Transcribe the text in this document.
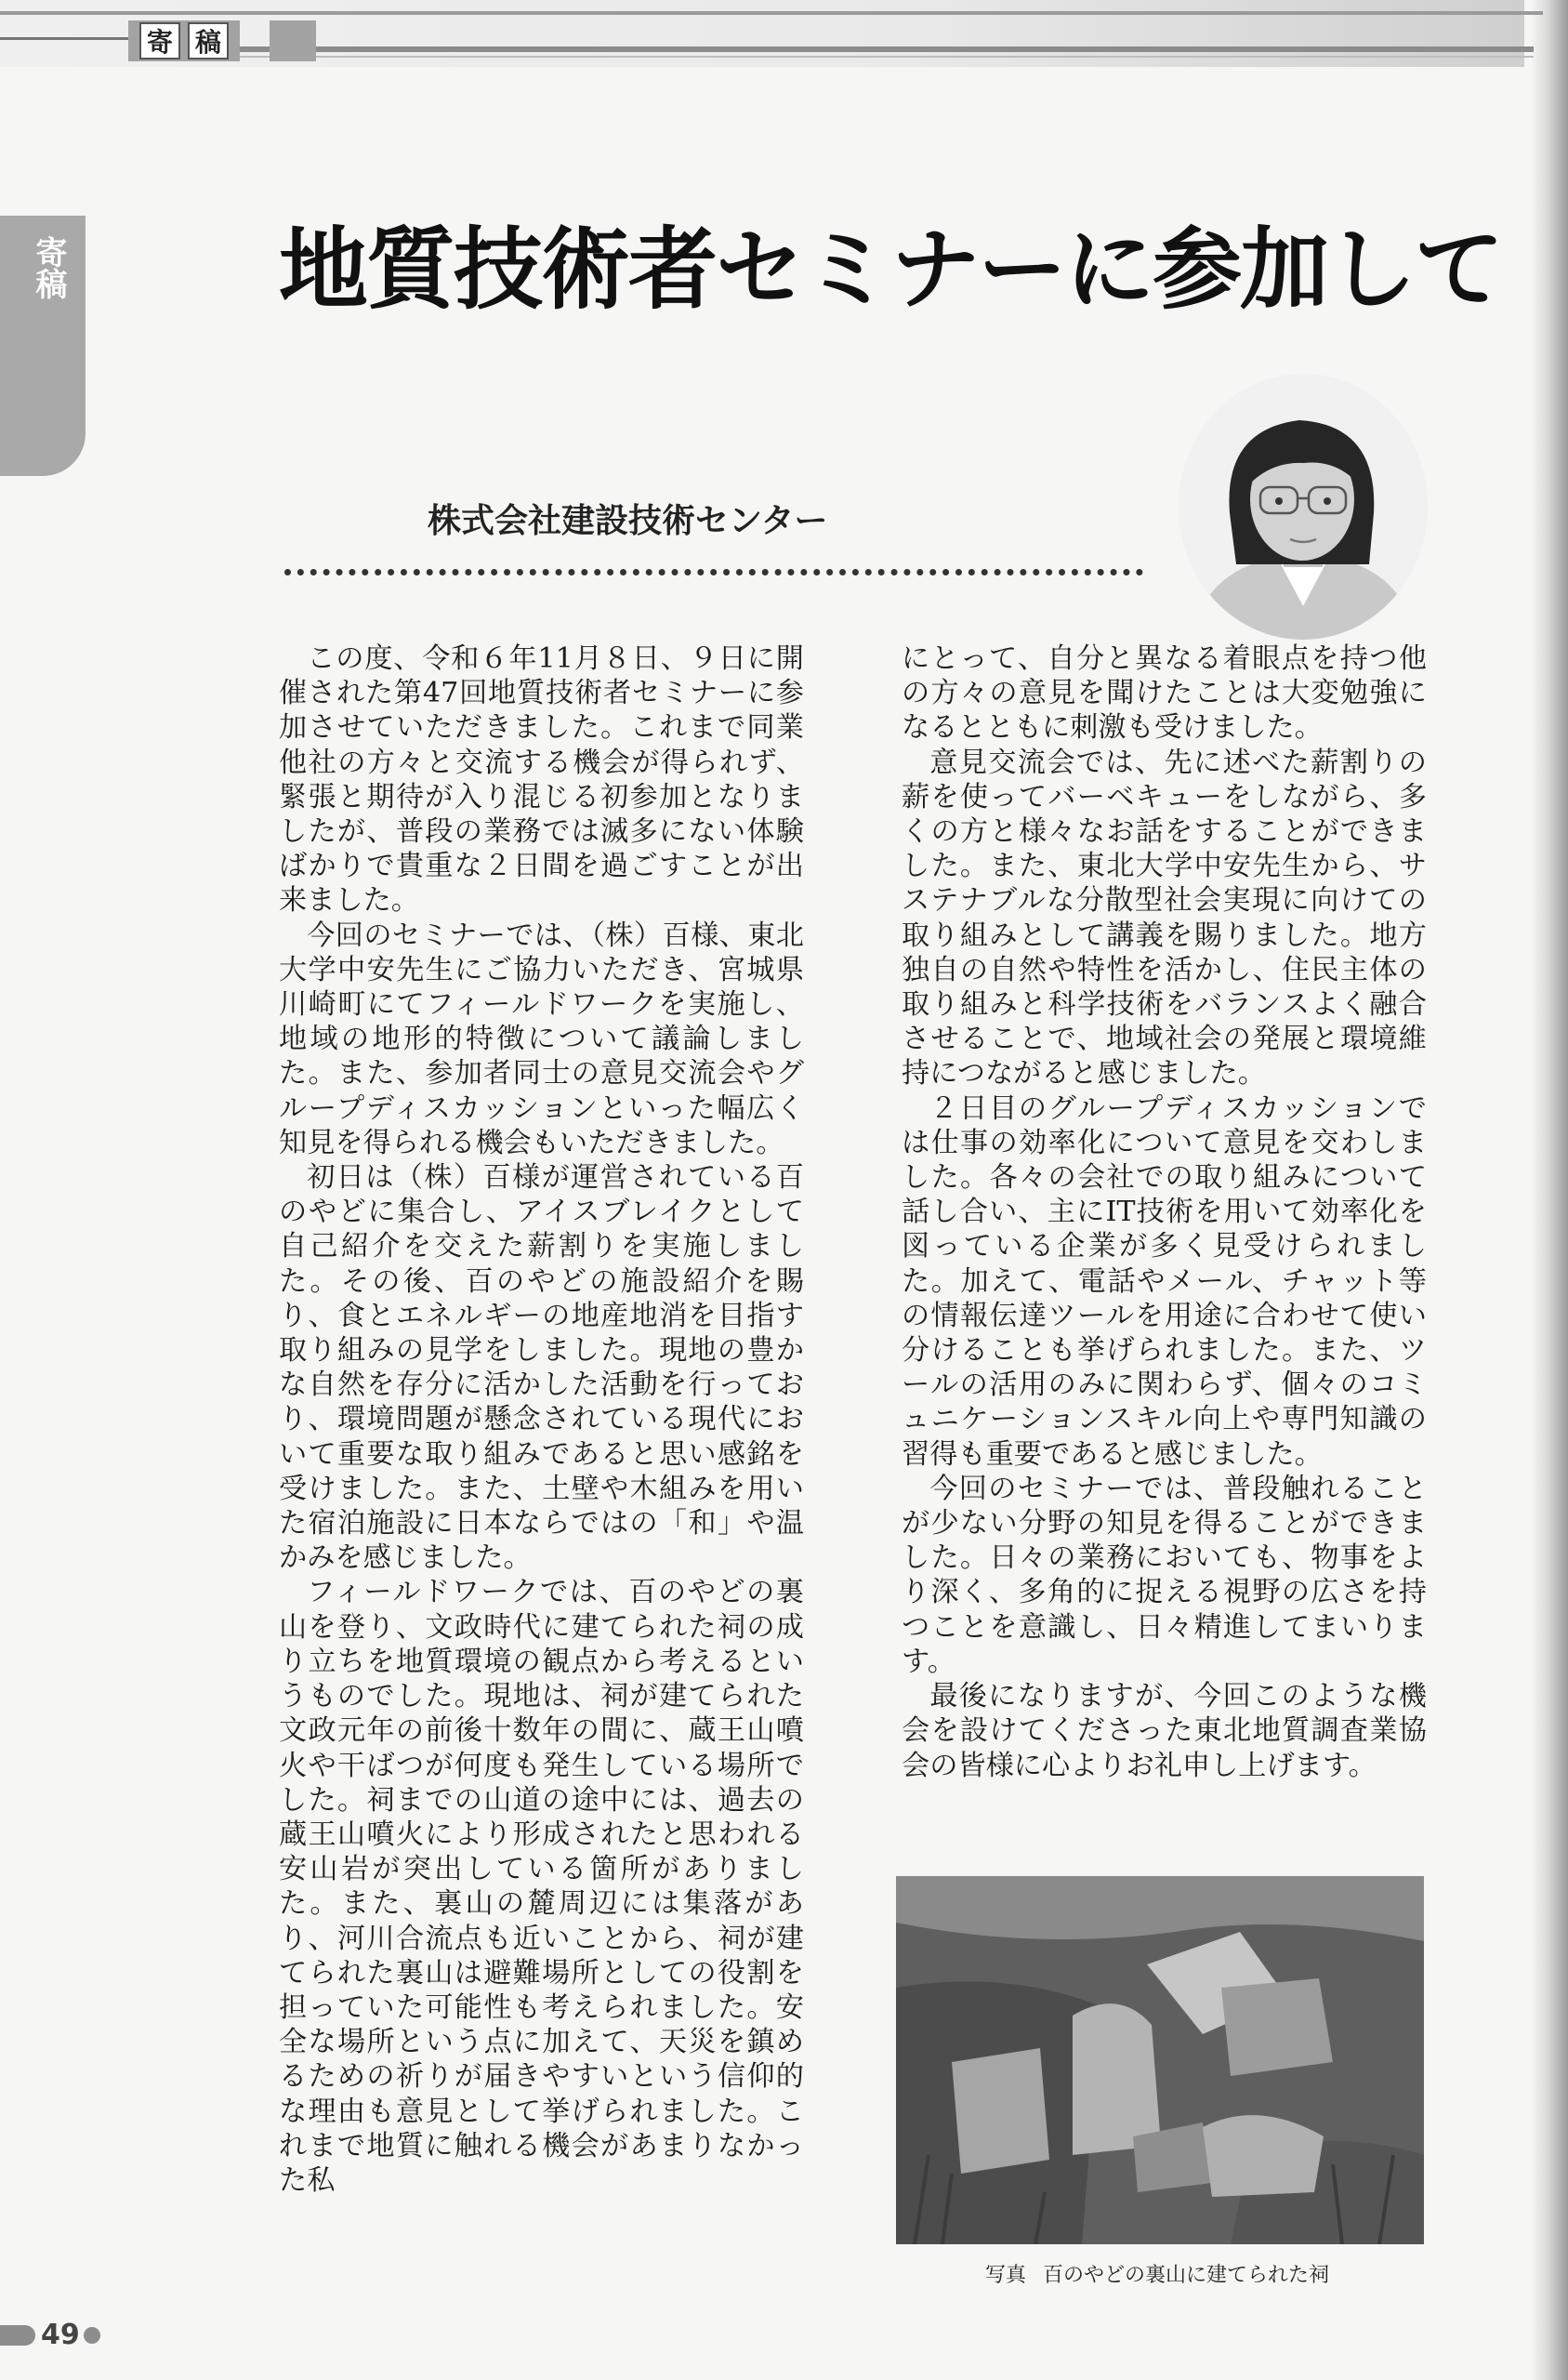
寄 稿
寄稿 地質技術者セミナーに参加して
株式会社建設技術センター

この度、令和６年11月８日、９日に開催された第47回地質技術者セミナーに参加させていただきました。これまで同業他社の方々と交流する機会が得られず、緊張と期待が入り混じる初参加となりましたが、普段の業務では滅多にない体験ばかりで貴重な２日間を過ごすことが出来ました。

今回のセミナーでは、（株）百様、東北大学中安先生にご協力いただき、宮城県川崎町にてフィールドワークを実施し、地域の地形的特徴について議論しました。また、参加者同士の意見交流会やグループディスカッションといった幅広く知見を得られる機会もいただきました。

初日は（株）百様が運営されている百のやどに集合し、アイスブレイクとして自己紹介を交えた薪割りを実施しました。その後、百のやどの施設紹介を賜り、食とエネルギーの地産地消を目指す取り組みの見学をしました。現地の豊かな自然を存分に活かした活動を行っており、環境問題が懸念されている現代において重要な取り組みであると思い感銘を受けました。また、土壁や木組みを用いた宿泊施設に日本ならではの「和」や温かみを感じました。

フィールドワークでは、百のやどの裏山を登り、文政時代に建てられた祠の成り立ちを地質環境の観点から考えるというものでした。現地は、祠が建てられた文政元年の前後十数年の間に、蔵王山噴火や干ばつが何度も発生している場所でした。祠までの山道の途中には、過去の蔵王山噴火により形成されたと思われる安山岩が突出している箇所がありました。また、裏山の麓周辺には集落があり、河川合流点も近いことから、祠が建てられた裏山は避難場所としての役割を担っていた可能性も考えられました。安全な場所という点に加えて、天災を鎮めるための祈りが届きやすいという信仰的な理由も意見として挙げられました。これまで地質に触れる機会があまりなかった私

にとって、自分と異なる着眼点を持つ他の方々の意見を聞けたことは大変勉強になるとともに刺激も受けました。

意見交流会では、先に述べた薪割りの薪を使ってバーベキューをしながら、多くの方と様々なお話をすることができました。また、東北大学中安先生から、サステナブルな分散型社会実現に向けての取り組みとして講義を賜りました。地方独自の自然や特性を活かし、住民主体の取り組みと科学技術をバランスよく融合させることで、地域社会の発展と環境維持につながると感じました。

２日目のグループディスカッションでは仕事の効率化について意見を交わしました。各々の会社での取り組みについて話し合い、主にIT技術を用いて効率化を図っている企業が多く見受けられました。加えて、電話やメール、チャット等の情報伝達ツールを用途に合わせて使い分けることも挙げられました。また、ツールの活用のみに関わらず、個々のコミュニケーションスキル向上や専門知識の習得も重要であると感じました。

今回のセミナーでは、普段触れることが少ない分野の知見を得ることができました。日々の業務においても、物事をより深く、多角的に捉える視野の広さを持つことを意識し、日々精進してまいります。

最後になりますが、今回このような機会を設けてくださった東北地質調査業協会の皆様に心よりお礼申し上げます。

写真 百のやどの裏山に建てられた祠
49
